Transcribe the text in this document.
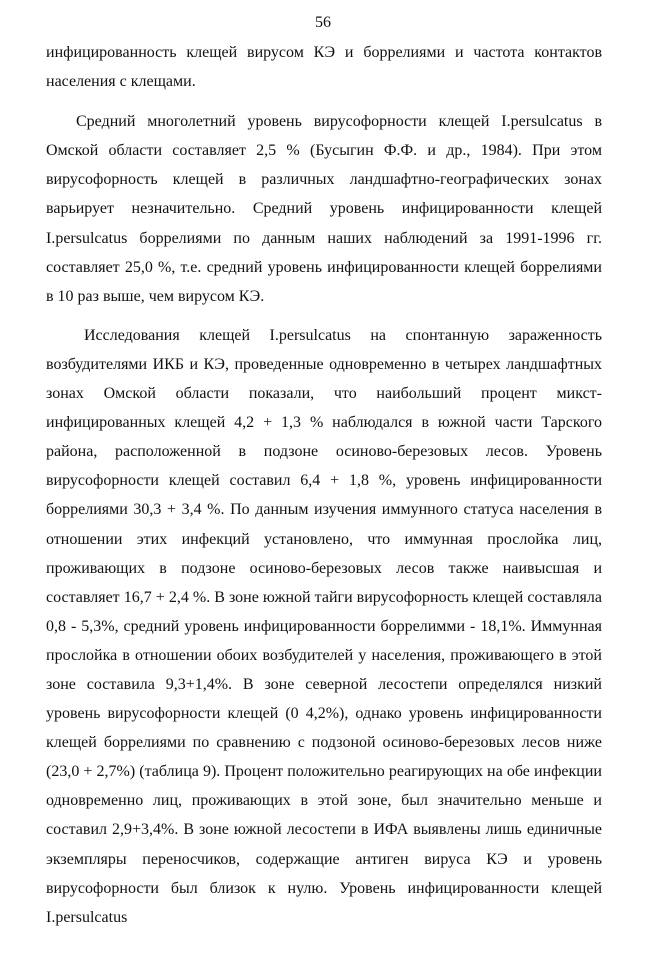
56

инфицированность клещей вирусом КЭ и боррелиями и частота контактов населения с клещами.

Средний многолетний уровень вирусофорности клещей I.persulcatus в Омской области составляет 2,5 % (Бусыгин Ф.Ф. и др., 1984). При этом вирусофорность клещей в различных ландшафтно-географических зонах варьирует незначительно. Средний уровень инфицированности клещей I.persulcatus боррелиями по данным наших наблюдений за 1991-1996 гг. составляет 25,0 %, т.е. средний уровень инфицированности клещей боррелиями в 10 раз выше, чем вирусом КЭ.

Исследования клещей I.persulcatus на спонтанную зараженность возбудителями ИКБ и КЭ, проведенные одновременно в четырех ландшафтных зонах Омской области показали, что наибольший процент микст-инфицированных клещей 4,2 + 1,3 % наблюдался в южной части Тарского района, расположенной в подзоне осиново-березовых лесов. Уровень вирусофорности клещей составил 6,4 + 1,8 %, уровень инфицированности боррелиями 30,3 + 3,4 %. По данным изучения иммунного статуса населения в отношении этих инфекций установлено, что иммунная прослойка лиц, проживающих в подзоне осиново-березовых лесов также наивысшая и составляет 16,7 + 2,4 %. В зоне южной тайги вирусофорность клещей составляла 0,8 - 5,3%, средний уровень инфицированности боррелимми - 18,1%. Иммунная прослойка в отношении обоих возбудителей у населения, проживающего в этой зоне составила 9,3+1,4%. В зоне северной лесостепи определялся низкий уровень вирусофорности клещей (0 4,2%), однако уровень инфицированности клещей боррелиями по сравнению с подзоной осиново-березовых лесов ниже (23,0 + 2,7%) (таблица 9). Процент положительно реагирующих на обе инфекции одновременно лиц, проживающих в этой зоне, был значительно меньше и составил 2,9+3,4%. В зоне южной лесостепи в ИФА выявлены лишь единичные экземпляры переносчиков, содержащие антиген вируса КЭ и уровень вирусофорности был близок к нулю. Уровень инфицированности клещей I.persulcatus
